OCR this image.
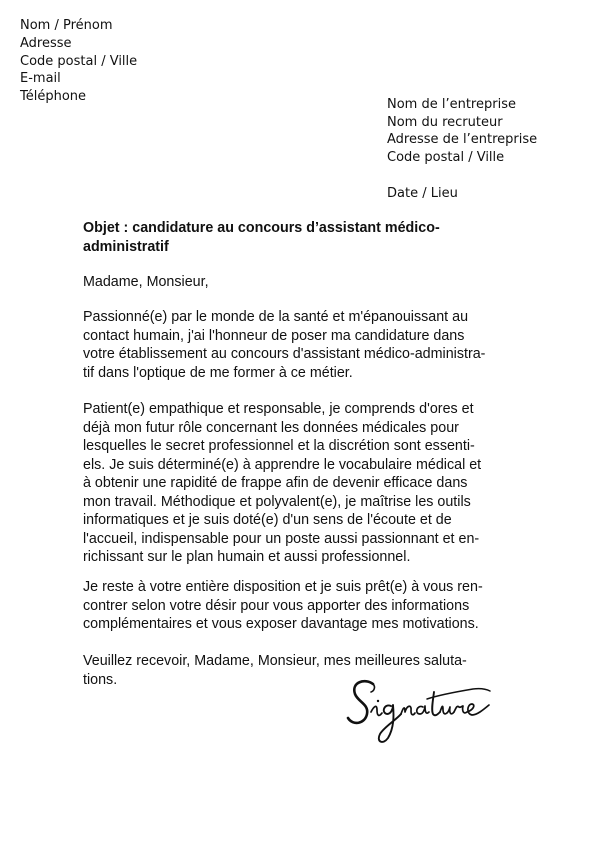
Nom / Prénom
Adresse
Code postal / Ville
E-mail
Téléphone
Nom de l’entreprise
Nom du recruteur
Adresse de l’entreprise
Code postal / Ville
Date / Lieu
Objet : candidature au concours d’assistant médico-
administratif
Madame, Monsieur,
Passionné(e) par le monde de la santé et m'épanouissant au
contact humain, j'ai l'honneur de poser ma candidature dans
votre établissement au concours d'assistant médico-administra-
tif dans l'optique de me former à ce métier.
Patient(e) empathique et responsable, je comprends d'ores et
déjà mon futur rôle concernant les données médicales pour
lesquelles le secret professionnel et la discrétion sont essenti-
els. Je suis déterminé(e) à apprendre le vocabulaire médical et
à obtenir une rapidité de frappe afin de devenir efficace dans
mon travail. Méthodique et polyvalent(e), je maîtrise les outils
informatiques et je suis doté(e) d'un sens de l'écoute et de
l'accueil, indispensable pour un poste aussi passionnant et en-
richissant sur le plan humain et aussi professionnel.
Je reste à votre entière disposition et je suis prêt(e) à vous ren-
contrer selon votre désir pour vous apporter des informations
complémentaires et vous exposer davantage mes motivations.
Veuillez recevoir, Madame, Monsieur, mes meilleures saluta-
tions.
